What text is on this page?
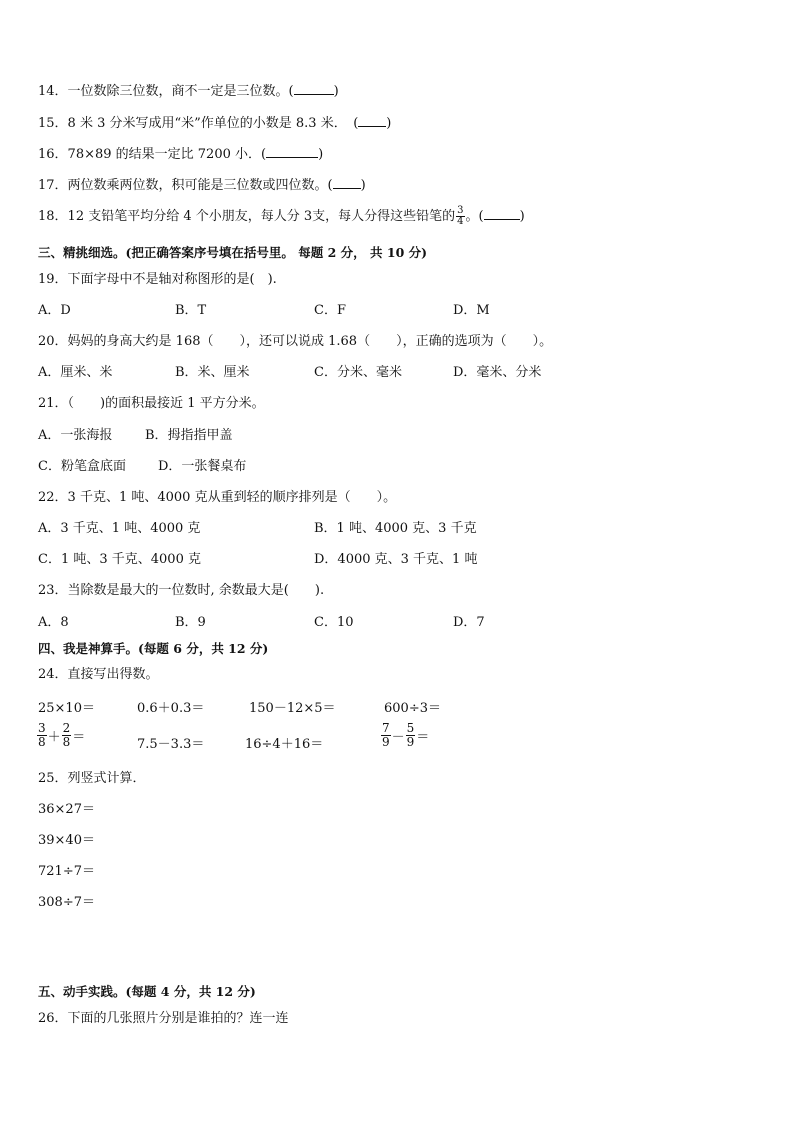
14．一位数除三位数，商不一定是三位数。(	)
15．8 米 3 分米写成用“米”作单位的小数是 8.3 米．　( )
16．78×89 的结果一定比 7200 小．(	)
17．两位数乘两位数，积可能是三位数或四位数。( )
18．12 支铅笔平均分给 4 个小朋友，每人分 3支，每人分得这些铅笔的 $\frac{3}{4}$ 。(	)
三、精挑细选。(把正确答案序号填在括号里。 每题 2 分， 共 10 分)
19．下面字母中不是轴对称图形的是(　).
A．D	B．T	C．F	D．M
20．妈妈的身高大约是 168（　　），还可以说成 1.68（　　），正确的选项为（　　）。
A．厘米、米	B．米、厘米	C．分米、毫米	D．毫米、分米
21．（　　)的面积最接近 1 平方分米。
A．一张海报	B．拇指指甲盖
C．粉笔盒底面 D．一张餐桌布
22．3 千克、1 吨、4000 克从重到轻的顺序排列是（　　）。
A．3 千克、1 吨、4000 克	B．1 吨、4000 克、3 千克
C．1 吨、3 千克、4000 克	D．4000 克、3 千克、1 吨
23．当除数是最大的一位数时, 余数最大是(　　).
A．8	B．9	C．10	D．7
四、我是神算手。(每题 6 分，共 12 分)
24．直接写出得数。
25×10＝	0.6＋0.3＝	150－12×5＝	600÷3＝
$\frac{3}{8} + \frac{2}{8}$ ＝	7.5－3.3＝	16÷4＋16＝	$\frac{7}{9} - \frac{5}{9}$ ＝
25．列竖式计算．
36×27＝
39×40＝
721÷7＝
308÷7＝
五、动手实践。(每题 4 分，共 12 分)
26．下面的几张照片分别是谁拍的？连一连
